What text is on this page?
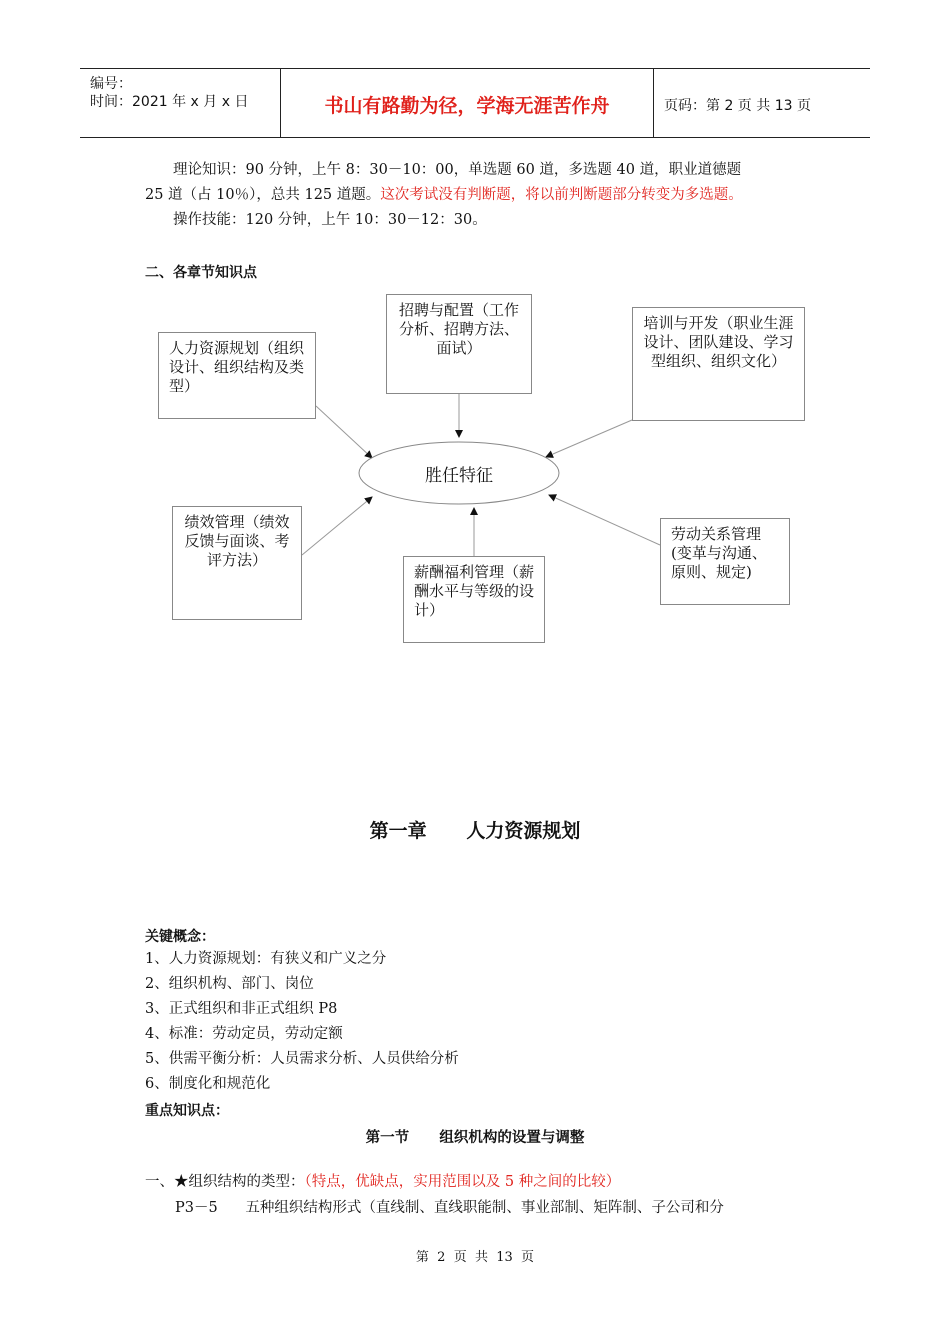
编号：
时间：2021 年 x 月 x 日	书山有路勤为径，学海无涯苦作舟	页码：第 2 页 共 13 页
理论知识：90 分钟，上午 8：30－10：00，单选题 60 道，多选题 40 道，职业道德题
25 道（占 10％），总共 125 道题。这次考试没有判断题，将以前判断题部分转变为多选题。
操作技能：120 分钟，上午 10：30－12：30。
二、各章节知识点
胜任特征
人力资源规划（组织设计、组织结构及类型）
招聘与配置（工作分析、招聘方法、面试）
培训与开发（职业生涯设计、团队建设、学习型组织、组织文化）
绩效管理（绩效反馈与面谈、考评方法）
薪酬福利管理（薪酬水平与等级的设计）
劳动关系管理(变革与沟通、原则、规定)
第一章      人力资源规划
关键概念：
1、人力资源规划：有狭义和广义之分
2、组织机构、部门、岗位
3、正式组织和非正式组织 P8
4、标准：劳动定员，劳动定额
5、供需平衡分析：人员需求分析、人员供给分析
6、制度化和规范化
重点知识点：
第一节      组织机构的设置与调整
一、★组织结构的类型：（特点，优缺点，实用范围以及 5 种之间的比较）
P3－5      五种组织结构形式（直线制、直线职能制、事业部制、矩阵制、子公司和分
第  2  页  共  13  页
